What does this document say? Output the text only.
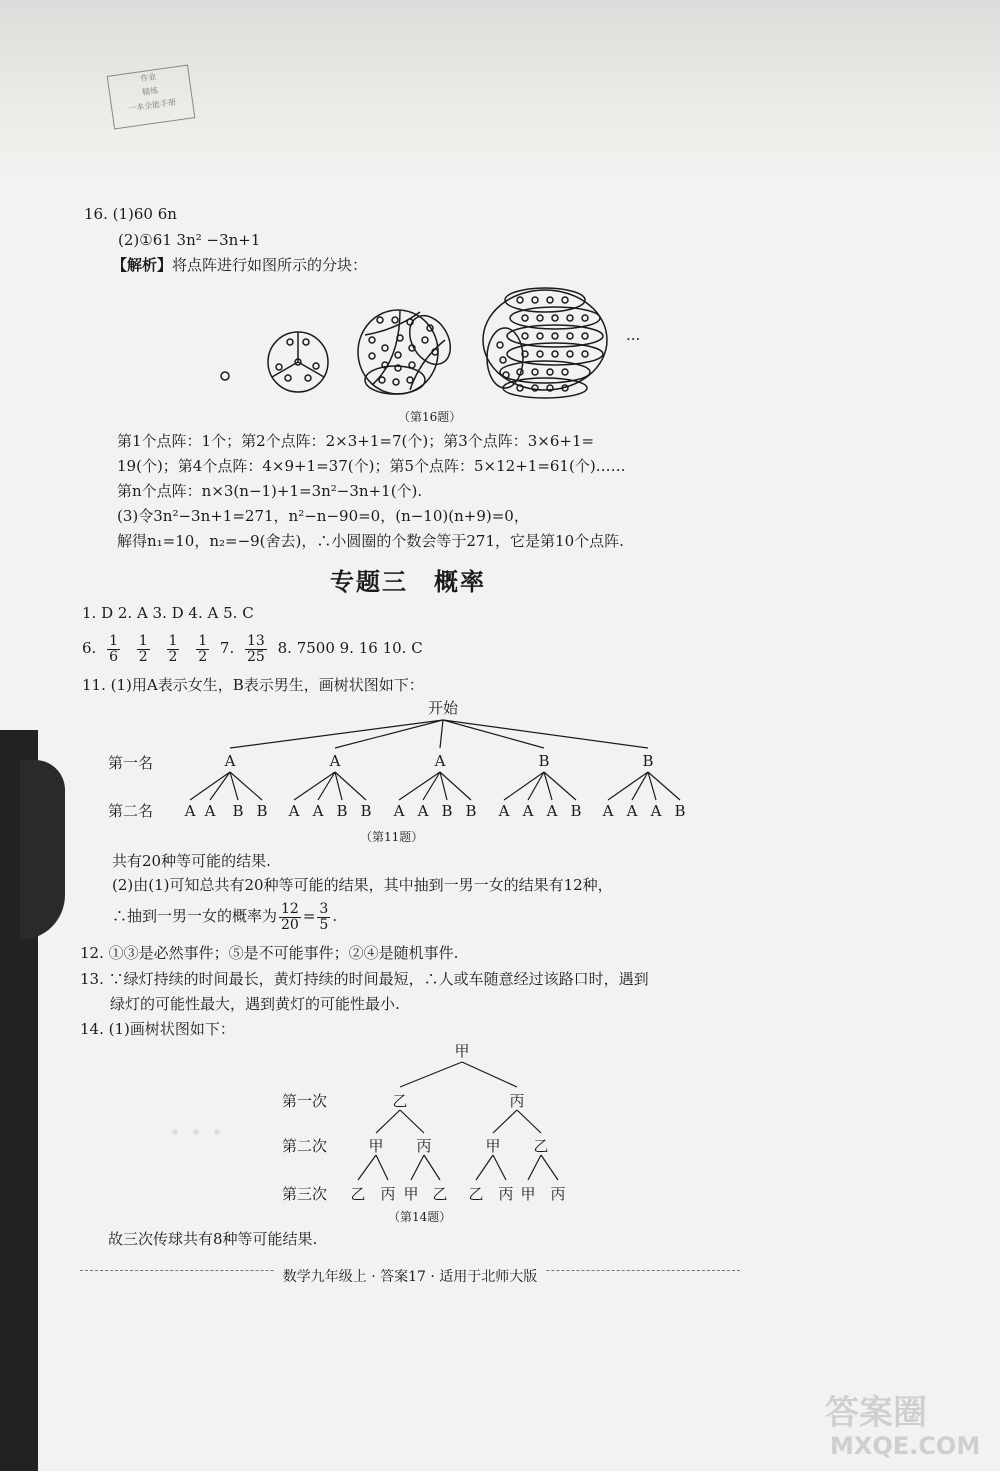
作业
精练
一本全能手册
16. (1)60 6n
(2)①61 3n² −3n+1
【解析】将点阵进行如图所示的分块：
···
（第16题）
第1个点阵：1个；第2个点阵：2×3+1=7(个)；第3个点阵：3×6+1=
19(个)；第4个点阵：4×9+1=37(个)；第5个点阵：5×12+1=61(个)……
第n个点阵：n×3(n−1)+1=3n²−3n+1(个).
(3)令3n²−3n+1=271，n²−n−90=0，(n−10)(n+9)=0，
解得n₁=10，n₂=−9(舍去)，∴小圆圈的个数会等于271，它是第10个点阵.
专题三　概率
1. D 2. A 3. D 4. A 5. C
6. $\frac{1}{6}$
$\frac{1}{2}$
$\frac{1}{2}$
$\frac{1}{2} 7$. $\frac{13}{25} 8$. 7500 9. 16 10. C
11. (1)用A表示女生，B表示男生，画树状图如下：
开始
第一名
第二名
A	A	A	B	B
A A	B B	A A B B	A A B B	A A A B	A A A B
（第11题）
共有20种等可能的结果.
(2)由(1)可知总共有20种等可能的结果，其中抽到一男一女的结果有12种，
∴抽到一男一女的概率为 $\frac{12}{20} = \frac{3}{5}$ .
12. ①③是必然事件；⑤是不可能事件；②④是随机事件.
13. ∵绿灯持续的时间最长，黄灯持续的时间最短，∴人或车随意经过该路口时，遇到
绿灯的可能性最大，遇到黄灯的可能性最小.
14. (1)画树状图如下：
甲
第一次
第二次
第三次
乙	丙
甲 丙	甲 乙
乙 丙 甲 乙 乙 丙 甲 丙
（第14题）
故三次传球共有8种等可能结果.
· · ·
数学九年级上 · 答案17 · 适用于北师大版
答案圈
MXQE.COM
